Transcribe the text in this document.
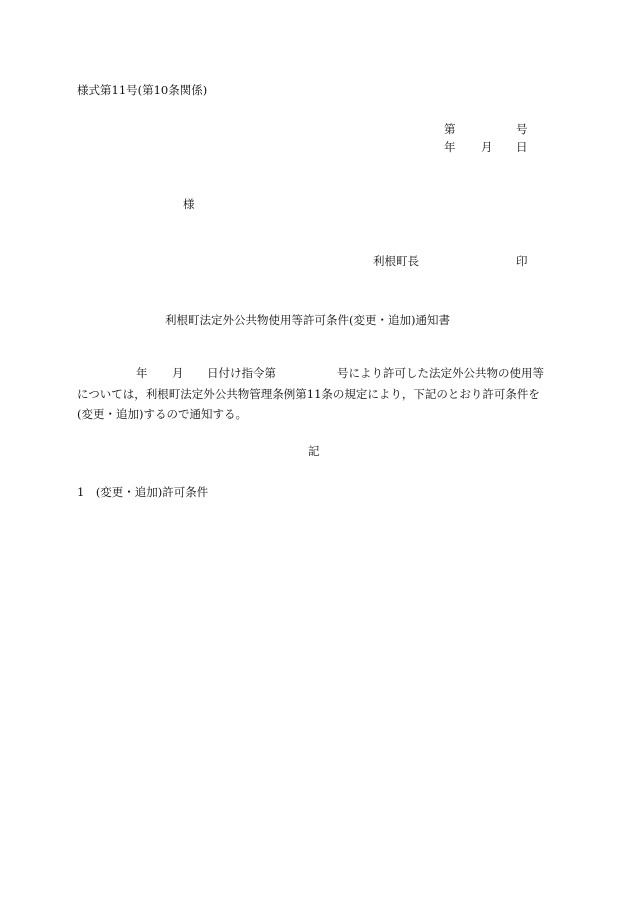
様式第11号(第10条関係)
第	号
年 月 日
様
利根町長	印
利根町法定外公共物使用等許可条件(変更・追加)通知書
年 月 日付け指令第	号により許可した法定外公共物の使用等
については，利根町法定外公共物管理条例第11条の規定により，下記のとおり許可条件を
(変更・追加)するので通知する。
記
1　(変更・追加)許可条件
